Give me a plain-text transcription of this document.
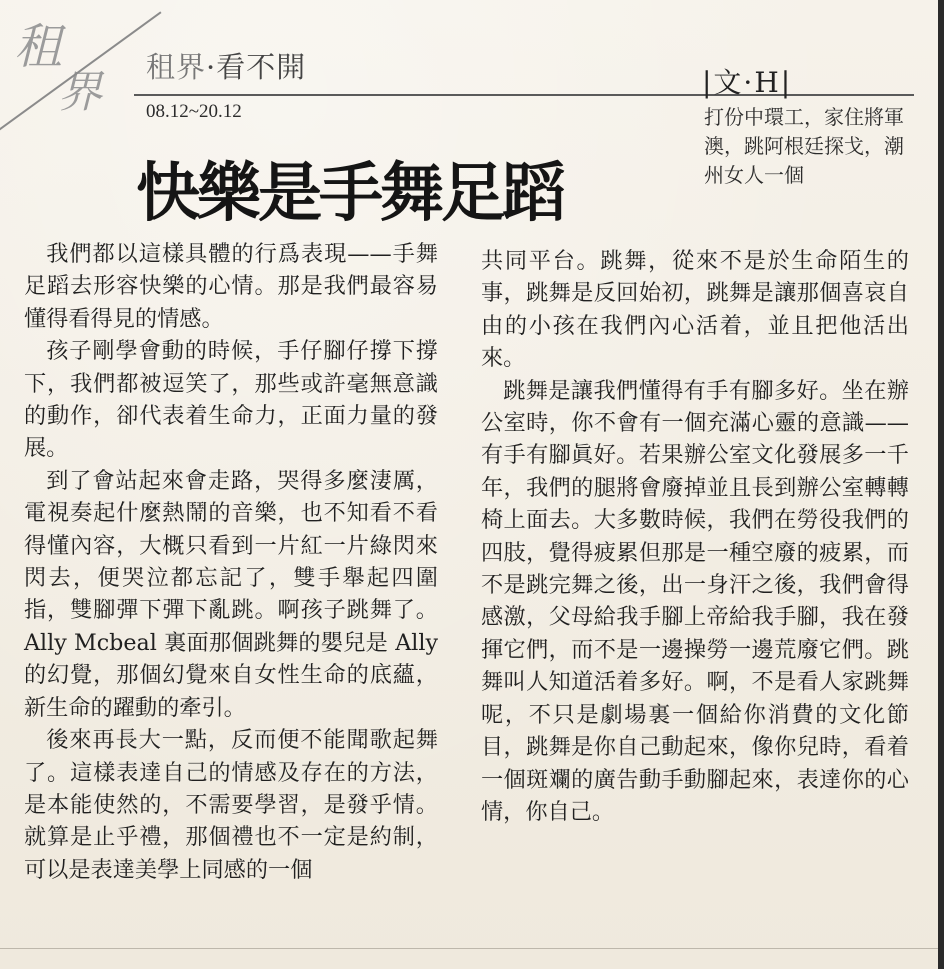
租
界 租界·看不開
08.12~20.12
|文·H|
打份中環工，家住將軍澳，跳阿根廷探戈，潮州女人一個
快樂是手舞足蹈

我們都以這樣具體的行爲表現——手舞足蹈去形容快樂的心情。那是我們最容易懂得看得見的情感。

孩子剛學會動的時候，手仔腳仔撐下撐下，我們都被逗笑了，那些或許毫無意識的動作，卻代表着生命力，正面力量的發展。

到了會站起來會走路，哭得多麼淒厲，電視奏起什麼熱鬧的音樂，也不知看不看得懂內容，大概只看到一片紅一片綠閃來閃去，便哭泣都忘記了，雙手舉起四圍指，雙腳彈下彈下亂跳。啊孩子跳舞了。Ally Mcbeal 裏面那個跳舞的嬰兒是 Ally 的幻覺，那個幻覺來自女性生命的底蘊，新生命的躍動的牽引。

後來再長大一點，反而便不能聞歌起舞了。這樣表達自己的情感及存在的方法，是本能使然的，不需要學習，是發乎情。就算是止乎禮，那個禮也不一定是約制，可以是表達美學上同感的一個

共同平台。跳舞，從來不是於生命陌生的事，跳舞是反回始初，跳舞是讓那個喜哀自由的小孩在我們內心活着，並且把他活出來。

跳舞是讓我們懂得有手有腳多好。坐在辦公室時，你不會有一個充滿心靈的意識——有手有腳眞好。若果辦公室文化發展多一千年，我們的腿將會廢掉並且長到辦公室轉轉椅上面去。大多數時候，我們在勞役我們的四肢，覺得疲累但那是一種空廢的疲累，而不是跳完舞之後，出一身汗之後，我們會得感激，父母給我手腳上帝給我手腳，我在發揮它們，而不是一邊操勞一邊荒廢它們。跳舞叫人知道活着多好。啊，不是看人家跳舞呢，不只是劇場裏一個給你消費的文化節目，跳舞是你自己動起來，像你兒時，看着一個斑斕的廣告動手動腳起來，表達你的心情，你自己。
